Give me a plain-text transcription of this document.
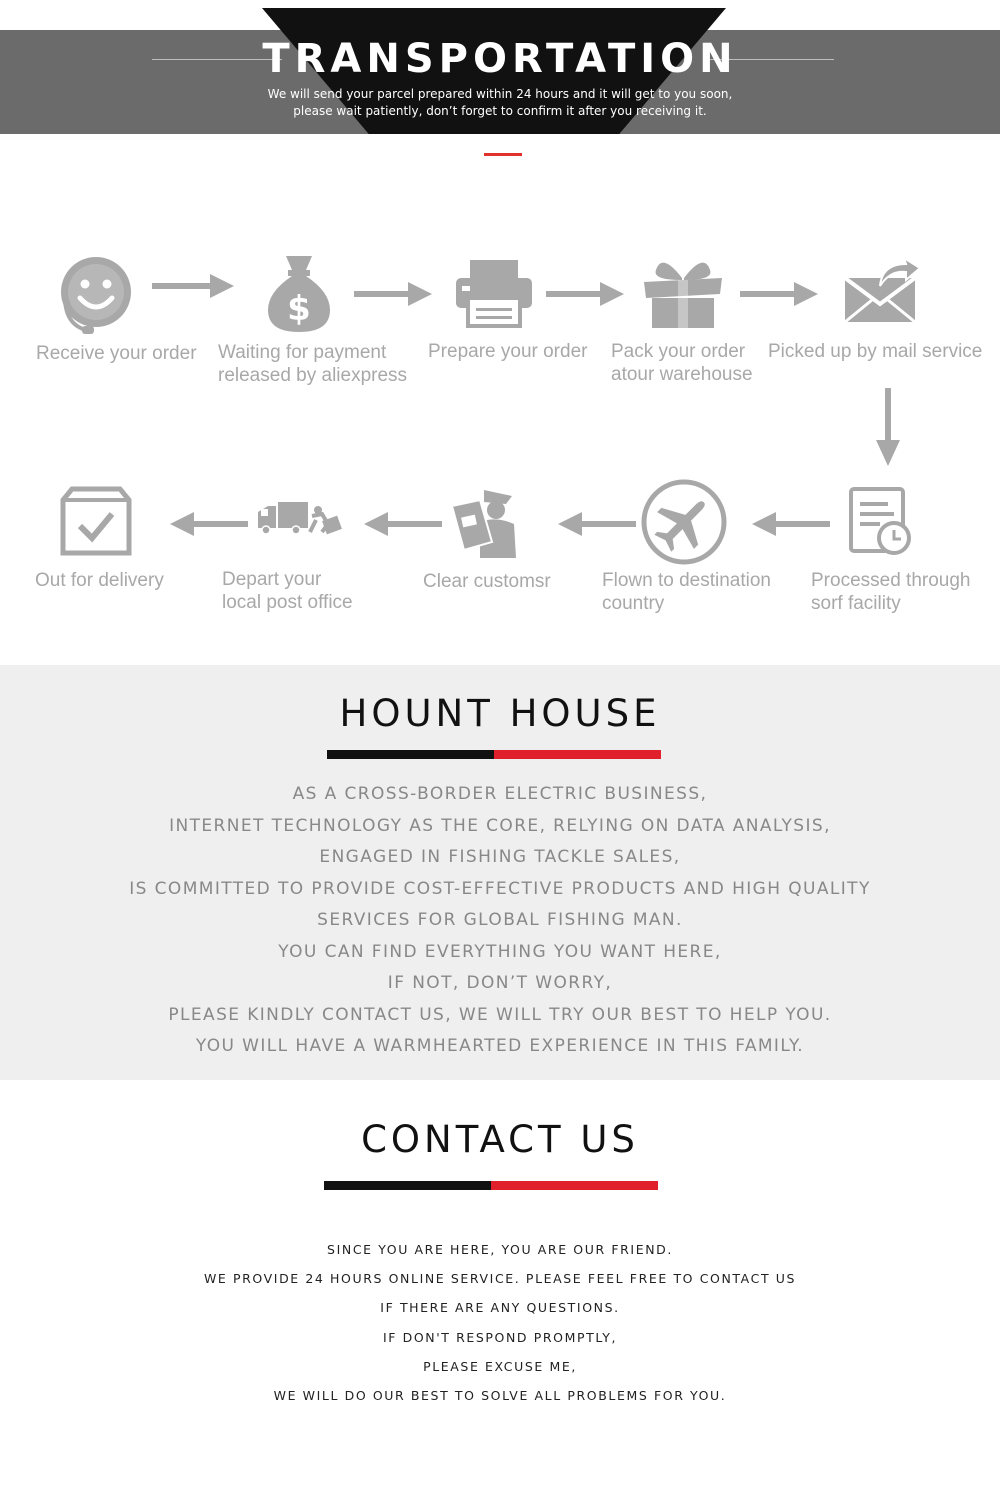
TRANSPORTATION
We will send your parcel prepared within 24 hours and it will get to you soon,
please wait patiently, don’t forget to confirm it after you receiving it.
$
Receive your order Waiting for payment
released by aliexpress
Prepare your order Pack your order
atour warehouse
Picked up by mail service
Processed through
sorf facility
Flown to destination
country
Clear customsr
Depart your
local post office
Out for delivery
HOUNT HOUSE
AS A CROSS-BORDER ELECTRIC BUSINESS,
INTERNET TECHNOLOGY AS THE CORE, RELYING ON DATA ANALYSIS,
ENGAGED IN FISHING TACKLE SALES,
IS COMMITTED TO PROVIDE COST-EFFECTIVE PRODUCTS AND HIGH QUALITY
SERVICES FOR GLOBAL FISHING MAN.
YOU CAN FIND EVERYTHING YOU WANT HERE,
IF NOT, DON’T WORRY,
PLEASE KINDLY CONTACT US, WE WILL TRY OUR BEST TO HELP YOU.
YOU WILL HAVE A WARMHEARTED EXPERIENCE IN THIS FAMILY.
CONTACT US
SINCE YOU ARE HERE, YOU ARE OUR FRIEND.
WE PROVIDE 24 HOURS ONLINE SERVICE. PLEASE FEEL FREE TO CONTACT US
IF THERE ARE ANY QUESTIONS.
IF DON'T RESPOND PROMPTLY,
PLEASE EXCUSE ME,
WE WILL DO OUR BEST TO SOLVE ALL PROBLEMS FOR YOU.
